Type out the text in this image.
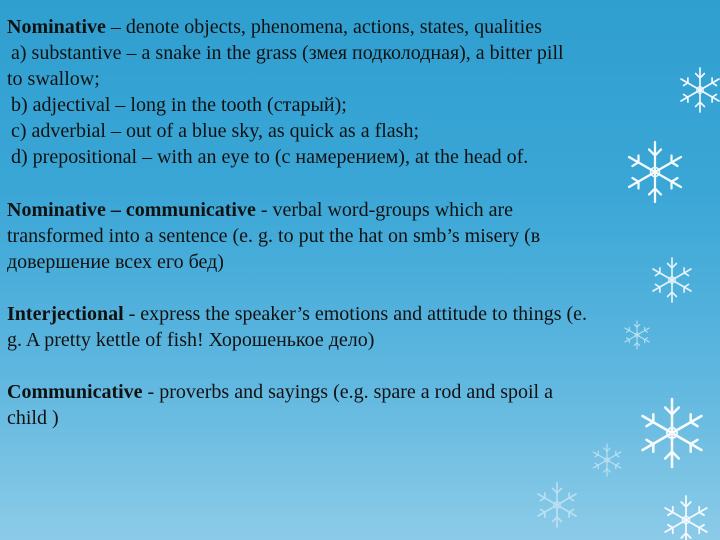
Nominative – denote objects, phenomena, actions, states, qualities
a) substantive – a snake in the grass (змея подколодная), a bitter pill
to swallow;
b) adjectival – long in the tooth (старый);
c) adverbial – out of a blue sky, as quick as a flash;
d) prepositional – with an eye to (с намерением), at the head of.
Nominative – communicative - verbal word-groups which are
transformed into a sentence (e. g. to put the hat on smb’s misery (в
довершение всех его бед)
Interjectional - express the speaker’s emotions and attitude to things (e.
g. A pretty kettle of fish! Хорошенькое дело)
Communicative - proverbs and sayings (e.g. spare a rod and spoil a
child )
